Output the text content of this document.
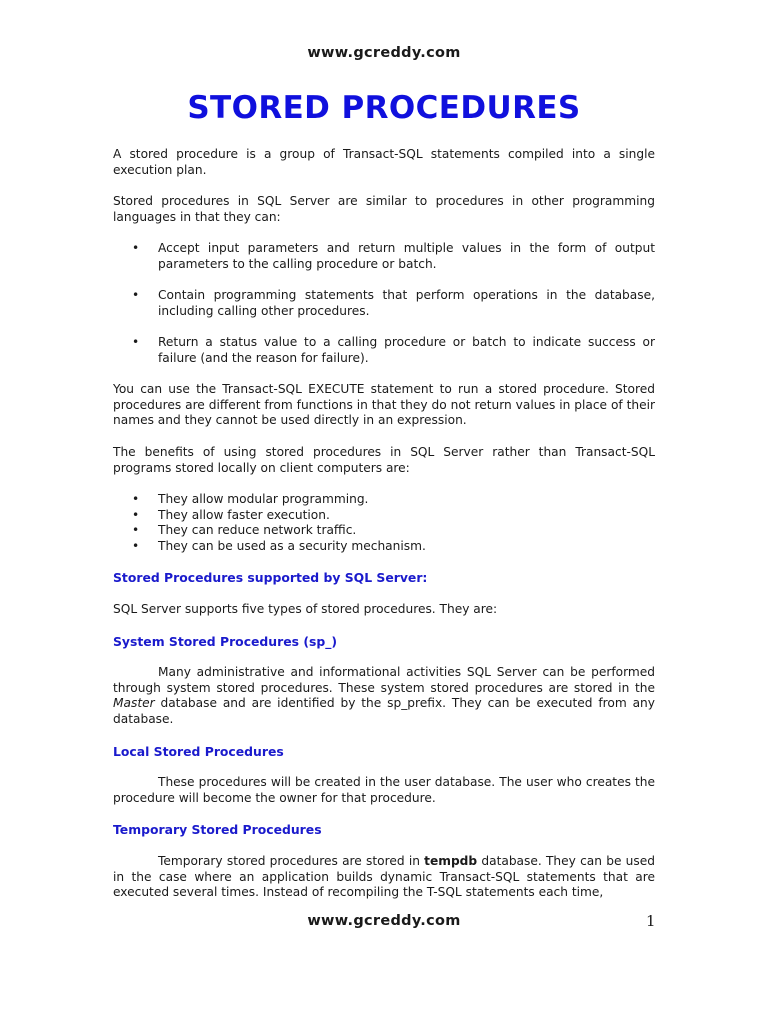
www.gcreddy.com
STORED PROCEDURES

A stored procedure is a group of Transact-SQL statements compiled into a single execution plan.

Stored procedures in SQL Server are similar to procedures in other programming languages in that they can:

• Accept input parameters and return multiple values in the form of output parameters to the calling procedure or batch.
• Contain programming statements that perform operations in the database, including calling other procedures.
• Return a status value to a calling procedure or batch to indicate success or failure (and the reason for failure).

You can use the Transact-SQL EXECUTE statement to run a stored procedure. Stored procedures are different from functions in that they do not return values in place of their names and they cannot be used directly in an expression.

The benefits of using stored procedures in SQL Server rather than Transact-SQL programs stored locally on client computers are:

• They allow modular programming.
• They allow faster execution.
• They can reduce network traffic.
• They can be used as a security mechanism.
Stored Procedures supported by SQL Server:

SQL Server supports five types of stored procedures. They are:

System Stored Procedures (sp_)

Many administrative and informational activities SQL Server can be performed through system stored procedures. These system stored procedures are stored in the Master database and are identified by the sp_prefix. They can be executed from any database.

Local Stored Procedures

These procedures will be created in the user database. The user who creates the procedure will become the owner for that procedure.

Temporary Stored Procedures

Temporary stored procedures are stored in tempdb database. They can be used in the case where an application builds dynamic Transact-SQL statements that are executed several times. Instead of recompiling the T-SQL statements each time,

www.gcreddy.com	1
